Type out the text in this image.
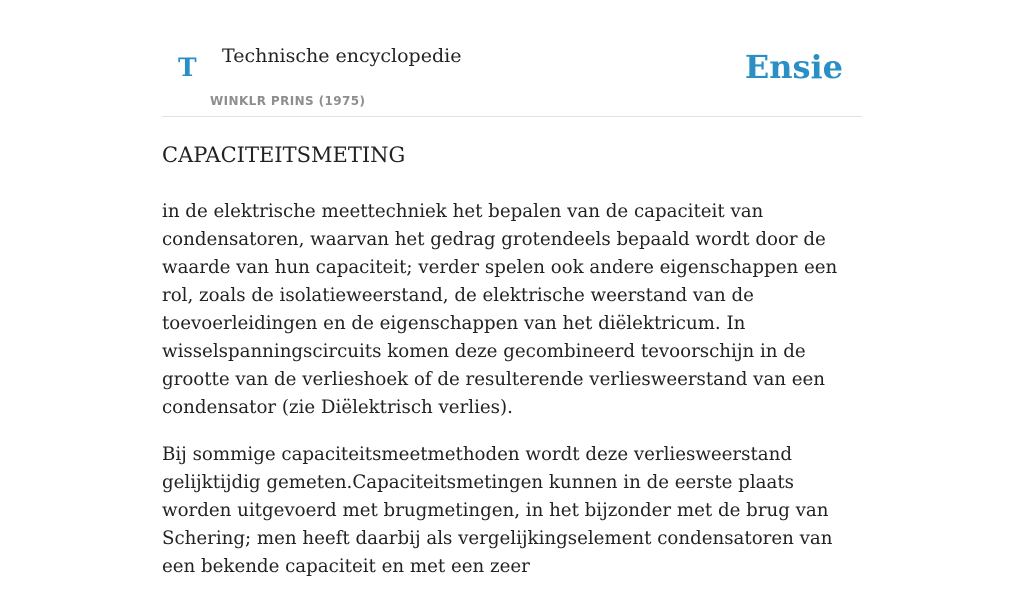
T Technische encyclopedie
WINKLR PRINS (1975)
Ensie
CAPACITEITSMETING

in de elektrische meettechniek het bepalen van de capaciteit van condensatoren, waarvan het gedrag grotendeels bepaald wordt door de waarde van hun capaciteit; verder spelen ook andere eigenschappen een rol, zoals de isolatieweerstand, de elektrische weerstand van de toevoerleidingen en de eigenschappen van het diëlektricum. In wisselspanningscircuits komen deze gecombineerd tevoorschijn in de grootte van de verlieshoek of de resulterende verliesweerstand van een condensator (zie Diëlektrisch verlies).

Bij sommige capaciteitsmeetmethoden wordt deze verliesweerstand gelijktijdig gemeten.Capaciteitsmetingen kunnen in de eerste plaats worden uitgevoerd met brugmetingen, in het bijzonder met de brug van Schering; men heeft daarbij als vergelijkingselement condensatoren van een bekende capaciteit en met een zeer
